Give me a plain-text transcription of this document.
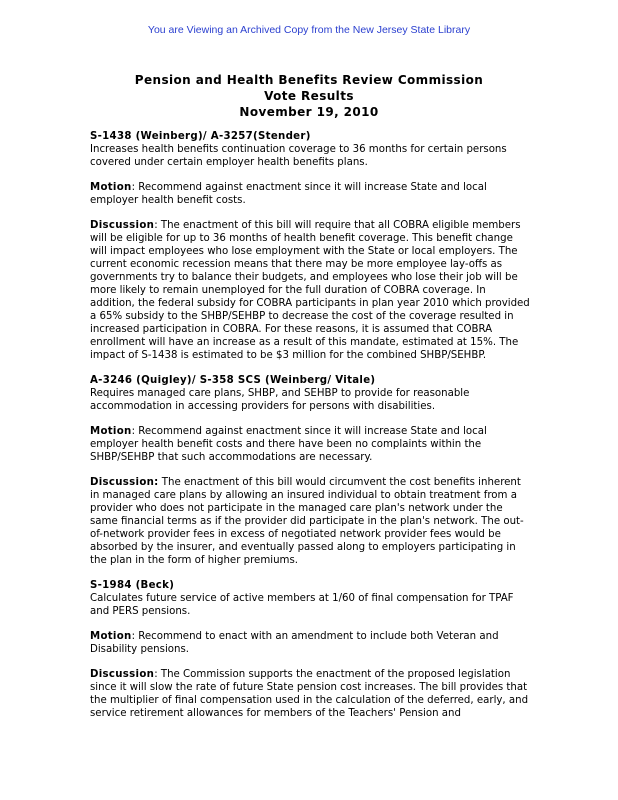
You are Viewing an Archived Copy from the New Jersey State Library
Pension and Health Benefits Review Commission
Vote Results
November 19, 2010
S-1438 (Weinberg)/ A-3257(Stender)

Increases health benefits continuation coverage to 36 months for certain persons covered under certain employer health benefits plans.

Motion: Recommend against enactment since it will increase State and local employer health benefit costs.

Discussion: The enactment of this bill will require that all COBRA eligible members will be eligible for up to 36 months of health benefit coverage. This benefit change will impact employees who lose employment with the State or local employers. The current economic recession means that there may be more employee lay-offs as governments try to balance their budgets, and employees who lose their job will be more likely to remain unemployed for the full duration of COBRA coverage. In addition, the federal subsidy for COBRA participants in plan year 2010 which provided a 65% subsidy to the SHBP/SEHBP to decrease the cost of the coverage resulted in increased participation in COBRA. For these reasons, it is assumed that COBRA enrollment will have an increase as a result of this mandate, estimated at 15%. The impact of S-1438 is estimated to be $3 million for the combined SHBP/SEHBP.

A-3246 (Quigley)/ S-358 SCS (Weinberg/ Vitale)

Requires managed care plans, SHBP, and SEHBP to provide for reasonable accommodation in accessing providers for persons with disabilities.

Motion: Recommend against enactment since it will increase State and local employer health benefit costs and there have been no complaints within the SHBP/SEHBP that such accommodations are necessary.

Discussion: The enactment of this bill would circumvent the cost benefits inherent in managed care plans by allowing an insured individual to obtain treatment from a provider who does not participate in the managed care plan's network under the same financial terms as if the provider did participate in the plan's network. The out-of-network provider fees in excess of negotiated network provider fees would be absorbed by the insurer, and eventually passed along to employers participating in the plan in the form of higher premiums.

S-1984 (Beck)

Calculates future service of active members at 1/60 of final compensation for TPAF and PERS pensions.

Motion: Recommend to enact with an amendment to include both Veteran and Disability pensions.

Discussion: The Commission supports the enactment of the proposed legislation since it will slow the rate of future State pension cost increases. The bill provides that the multiplier of final compensation used in the calculation of the deferred, early, and service retirement allowances for members of the Teachers' Pension and
